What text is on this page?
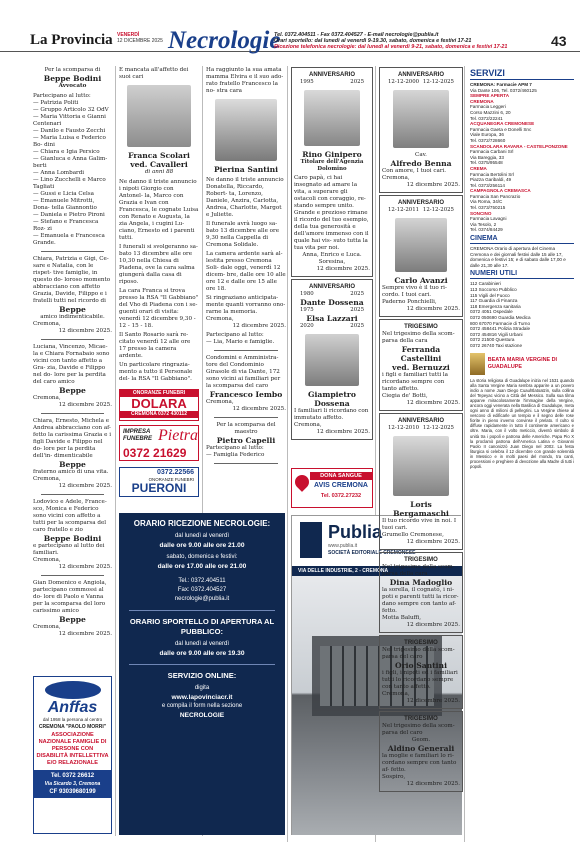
La Provincia VENERDÌ
12 DICEMBRE 2025 Necrologie
Tel. 0372.404511 - Fax 0372.404527 - E-mail necrologie@publia.it
Orari sportello: dal lunedì al venerdì 9-19.30, sabato, domenica e festivi 17-21
Ricezione telefonica necrologie: dal lunedì al venerdì 9-21, sabato, domenica e festivi 17-21	43
Per la scomparsa di
Beppe Bodini
Avvocato
Partecipano al lutto:
— Patrizia Politi
— Gruppo Articolo 32 OdV
— Maria Vittoria e Gianni Centenari
— Danilo e Fausto Zecchi
— Maria Luisa e Federico Bo- dini
— Chiara e Igia Persico
— Gianluca e Anna Galim- berti
— Anna Lombardi
— Lino Zucchelli e Marco Tagliati
— Gussi e Licia Celsa
— Emanuele Mitrotti, Dona- tella Giannontio
— Daniela e Pietro Pironi
— Stefano e Francesca Roz- zi
— Emanuela e Francesca Grande.
Chiara, Patrizia e Gigi, Ce- sare e Natalia, con le rispet- tive famiglie, in questo do- loroso momento abbracciano con affetto Grazia, Davide, Filippo e i fratelli tutti nel ricordo di
Beppe
amico indimenticabile.
Cremona,
12 dicembre 2025.
Luciana, Vincenzo, Micae- la e Chiara Fornabaio sono vicini con tanto affetto a Gra- zia, Davide e Filippo nel do- lore per la perdita del caro amico
Beppe
Cremona,
12 dicembre 2025.
Chiara, Ernesto, Michela e Andrea abbracciano con af- fetto la carissima Grazia e i figli Davide e Filippo nel do- lore per la perdita dell'in- dimenticabile
Beppe
fraterno amico di una vita.
Cremona,
12 dicembre 2025.
Lodovico e Adele, France- sco, Monica e Federico sono vicini con affetto a tutti per la scomparsa del caro fratello e zio
Beppe Bodini
e partecipano al lutto dei familiari.
Cremona,
12 dicembre 2025.
Gian Domenico e Angiola, partecipano commossi al do- lore di Paolo e Vanna per la scomparsa del loro carissimo amico
Beppe
Cremona,
12 dicembre 2025.
Anffas
dal 1958 la persona al centro
CREMONA "PAOLO MORRI"
ASSOCIAZIONE NAZIONALE FAMIGLIE DI PERSONE CON DISABILITÀ INTELLETTIVA E/O RELAZIONALE
Tel. 0372 26612
Via Sicardo 3, Cremona
CF 93039680199
È mancata all'affetto dei suoi cari
Franca Scolari
ved. Cavalleri
di anni 88
Ne danno il triste annuncio i nipoti Giorgio con Antonel- la, Marco con Grazia e Ivan con Francesca, le cognate Luisa con Renato e Augusta, la zia Angela, i cugini Lu- ciano, Ernesto ed i parenti tutti.
I funerali si svolgeranno sa- bato 13 dicembre alle ore 10,30 nella Chiesa di Piadena, ove la cara salma giungerà dalla casa di riposo.
La cara Franca si trova presso la RSA "Il Gabbiano" del Vho di Piadena con i se- guenti orari di visita: venerdì 12 dicembre 9,30 - 12 - 15 - 18.
Il Santo Rosario sarà re- citato venerdì 12 alle ore 17 presso la camera ardente.
Un particolare ringrazia- mento a tutto il Personale del- la RSA "Il Gabbiano".
ONORANZE FUNEBRI
DOLARA
CREMONA 0372 430112
IMPRESA
FUNEBRE Pietra
0372 21629
0372.22566
ONORANZE FUNEBRI
PUERONI
ORARIO RICEZIONE NECROLOGIE:
dal lunedì al venerdì
dalle ore 9.00 alle ore 21.00
sabato, domenica e festivi:
dalle ore 17.00 alle ore 21.00
Tel.: 0372.404511
Fax: 0372.404527
necrologie@publia.it
ORARIO SPORTELLO DI APERTURA AL PUBBLICO:
dal lunedì al venerdì
dalle ore 9.00 alle ore 19.30
SERVIZIO ONLINE:
digita
www.lapovinciacr.it
e compila il form nella sezione
NECROLOGIE
Ha raggiunto la sua amata mamma Elvira e il suo ado- rato fratello Francesco la no- stra cara
Pierina Santini
Ne danno il triste annuncio Donatella, Riccardo, Robert- ta, Lorenzo, Daniele, Anzira, Carlotta, Andrea, Charlotte, Margot e Juliette.
Il funerale avrà luogo sa- bato 13 dicembre alle ore 9,30 nella Cappella di Cremona Solidale.
La camera ardente sarà al- lestita presso Cremona Soli- dale oggi, venerdì 12 dicem- bre, dalle ore 10 alle ore 12 e dalle ore 15 alle ore 18.
Si ringraziano anticipata- mente quanti vorranno ono- rarne la memoria.
Cremona,
12 dicembre 2025.
Partecipano al lutto:
— Lia, Mario e famiglie.
Condomini e Amministra- tore del Condominio Girasole di via Dante, 172 sono vicini ai familiari per la scomparsa del caro
Francesco Iembo
Cremona,
12 dicembre 2025.
Per la scomparsa del maestro
Pietro Capelli
Partecipano al lutto:
— Famiglia Federico
ANNIVERSARIO
1995	2025
Rino Ginipero
Titolare dell'Agenzia Dolomino
Caro papà, ci hai insegnato ad amare la vita, a superare gli ostacoli con coraggio, re- stando sempre unito. Grande e prezioso rimane il ricordo del tuo esempio, della tua generosità e dell'amore immenso con il quale hai vis- suto tutta la tua vita per noi.
Anna, Enrico e Luca.
Soresina,
12 dicembre 2025.
ANNIVERSARIO
1980	2025
Dante Dossena
1975	2025
Elsa Lazzari
2020	2025
Giampietro Dossena
I familiari li ricordano con immutato affetto.
Cremona,
12 dicembre 2025.
DONA SANGUE
AVIS CREMONA
Tel. 0372.27232
Publia
www.publia.it
SOCIETÀ EDITORIALE CREMONESE
VIA DELLE INDUSTRIE, 2 - CREMONA
ANNIVERSARIO
12-12-2000 12-12-2025
Cav.
Alfredo Benna
Con amore, I tuoi cari.
Cremona,
12 dicembre 2025.
ANNIVERSARIO
12-12-2011 12-12-2025
Carlo Avanzi
Sempre vivo è il tuo ri- cordo. I tuoi cari.
Paderno Ponchielli,
12 dicembre 2025.
TRIGESIMO
Nel trigesimo della scom- parsa della cara
Ferranda Castellini
ved. Bernuzzi
i figli e familiari tutti la ricordano sempre con tanto affetto.
Ciegia de' Botti,
12 dicembre 2025.
ANNIVERSARIO
12-12-2010 12-12-2025
Loris Bergamaschi
Il tuo ricordo vive in noi. I tuoi cari.
Grumello Cremonese,
12 dicembre 2025.
TRIGESIMO
Nel trigesimo della scom- parsa della cara
Dina Madoglio
la sorella, il cognato, i ni- poti e parenti tutti la ricor- dano sempre con tanto af- fetto.
Motta Baluffi,
12 dicembre 2025.
TRIGESIMO
Nel trigesimo della scom- parsa del caro
Orio Santini
i figli, i nipoti ed i familiari tutti lo ricordano sempre con tanto affetto.
Cremona,
12 dicembre 2025.
TRIGESIMO
Nel trigesimo della scom- parsa del caro
Geom.
Aldino Generali
la moglie e familiari lo ri- cordano sempre con tanto af- fetto.
Sospiro,
12 dicembre 2025.
SERVIZI
CREMONA: Farmacie APM 7
Via Dante 106, Tel. 0372/460125
SEMPRE APERTA
CREMONA
Farmacia Leggeri
Corso Mazzini 6, 20
Tel. 0372/22241
ACQUANEGRA CREMONESE
Farmacia Gaeta e Donelli Snc
Viale Europa, 36
Tel. 0372/728660
SCANDOLARA RAVARA - CASTELPONZONE
Farmacia Carbani Srl
Via Bareggia, 33
Tel. 0375/95548
CREMA
Farmacia Bertolini Srl
Piazza Garibaldi, 49
Tel. 0373/256114
CAMPAGNOLA CREMASCA
Farmacia San Pancrazio
Via Roma, 34/C
Tel. 0373/750215
SONCINO
Farmacia Lavagni
Via Tesolo, 2
Tel. 0374/84429
CINEMA
CREMONA Orario di apertura del Cinema Cremona e dei giornali festivi dalle 15 alle 17, domenica e festivi 15; e di sabato dalle 17,00 e dalle 21,30 alle 17.
NUMERI UTILI
112 Carabinieri
113 Soccorso Pubblico
115 Vigili del Fuoco
117 Guardia di Finanza
118 Emergenza sanitaria
0372 4051 Ospedale
0372 050690 Guardia Medica
800 67070 Farmacie di Turno
0372 458441 Polizia Stradale
0372 454816 Vigili Urbani
0372 21500 Questura
0372 26740 Taxi stazione
BEATA MARIA VERGINE DI GUADALUPE
La storia religiosa di Guadalupe inizia nel 1531 quando alla Santa Vergine Maria sembra apparire a un povero indio a nome Juan Diego Cuauhtlatoatzin, sulla collina del Tepeyac vicino a Città del Messico. Sulla sua tilma apparve miracolosamente l'immagine della Vergine, ancora oggi venerata nella Basilica di Guadalupe, meta ogni anno di milioni di pellegrini. La Vergine chiese al vescovo di edificarle un tempio e il segno delle rose fiorite in pieno inverno convinse il prelato. Il culto si diffuse rapidamente in tutto il continente americano e oltre. Maria, con il volto meticcio, diventò simbolo di unità tra i popoli e patrona delle Americhe. Papa Pio X la proclamò patrona dell'America Latina e Giovanni Paolo II canonizzò Juan Diego nel 2002. La festa liturgica si celebra il 12 dicembre con grande solennità in Messico e in molti paesi del mondo, tra canti, processioni e preghiere di devozione alla Madre di tutti i popoli.
